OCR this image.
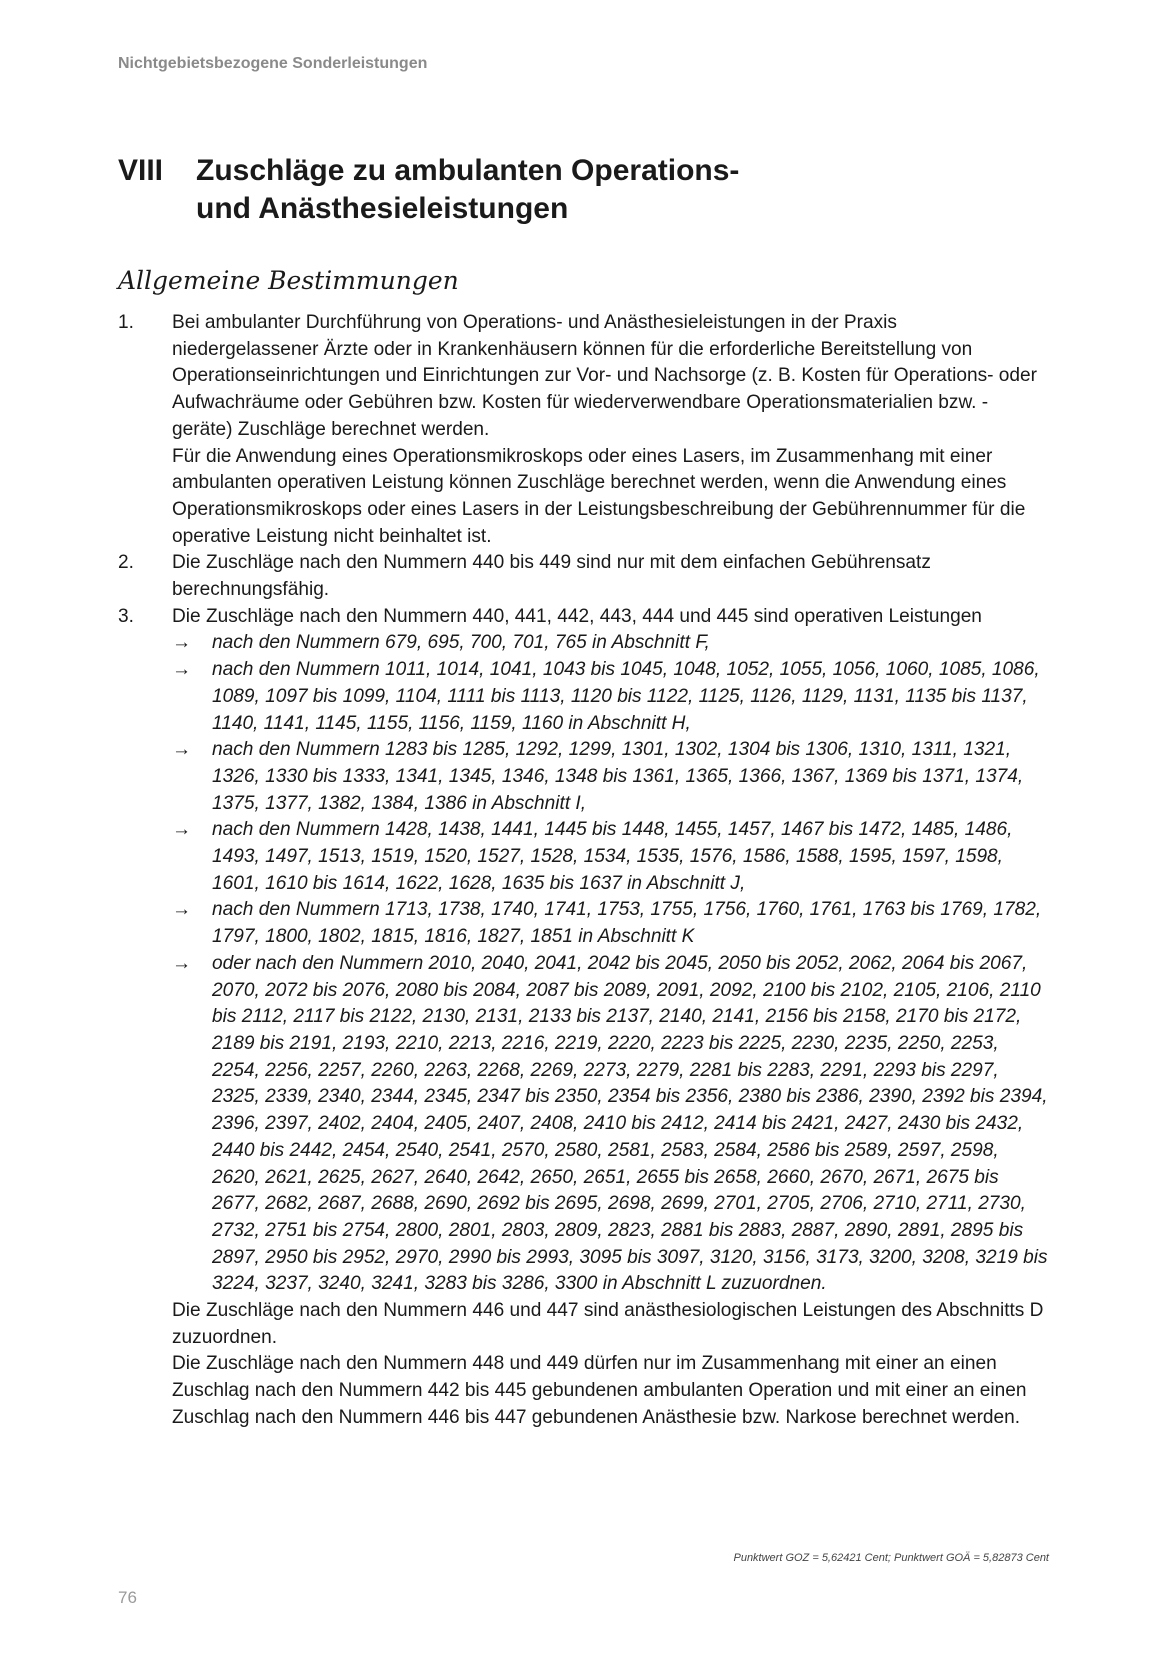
Nichtgebietsbezogene Sonderleistungen
VIII	Zuschläge zu ambulanten Operations-
und Anästhesieleistungen
Allgemeine Bestimmungen
1.	Bei ambulanter Durchführung von Operations- und Anästhesieleistungen in der Praxis niedergelassener Ärzte oder in Krankenhäusern können für die erforderliche Bereitstellung von Operationseinrichtungen und Einrichtungen zur Vor- und Nachsorge (z. B. Kosten für Operations- oder Aufwachräume oder Gebühren bzw. Kosten für wiederverwendbare Operationsmaterialien bzw. -geräte) Zuschläge berechnet werden.

Für die Anwendung eines Operationsmikroskops oder eines Lasers, im Zusammenhang mit einer ambulanten operativen Leistung können Zuschläge berechnet werden, wenn die Anwendung eines Operationsmikroskops oder eines Lasers in der Leistungsbeschreibung der Gebührennummer für die operative Leistung nicht beinhaltet ist.

2.	Die Zuschläge nach den Nummern 440 bis 449 sind nur mit dem einfachen Gebührensatz berechnungsfähig.

3.	Die Zuschläge nach den Nummern 440, 441, 442, 443, 444 und 445 sind operativen Leistungen

→	nach den Nummern 679, 695, 700, 701, 765 in Abschnitt F,
→	nach den Nummern 1011, 1014, 1041, 1043 bis 1045, 1048, 1052, 1055, 1056, 1060, 1085, 1086, 1089, 1097 bis 1099, 1104, 1111 bis 1113, 1120 bis 1122, 1125, 1126, 1129, 1131, 1135 bis 1137, 1140, 1141, 1145, 1155, 1156, 1159, 1160 in Abschnitt H,
→	nach den Nummern 1283 bis 1285, 1292, 1299, 1301, 1302, 1304 bis 1306, 1310, 1311, 1321, 1326, 1330 bis 1333, 1341, 1345, 1346, 1348 bis 1361, 1365, 1366, 1367, 1369 bis 1371, 1374, 1375, 1377, 1382, 1384, 1386 in Abschnitt I,
→	nach den Nummern 1428, 1438, 1441, 1445 bis 1448, 1455, 1457, 1467 bis 1472, 1485, 1486, 1493, 1497, 1513, 1519, 1520, 1527, 1528, 1534, 1535, 1576, 1586, 1588, 1595, 1597, 1598, 1601, 1610 bis 1614, 1622, 1628, 1635 bis 1637 in Abschnitt J,
→	nach den Nummern 1713, 1738, 1740, 1741, 1753, 1755, 1756, 1760, 1761, 1763 bis 1769, 1782, 1797, 1800, 1802, 1815, 1816, 1827, 1851 in Abschnitt K
→	oder nach den Nummern 2010, 2040, 2041, 2042 bis 2045, 2050 bis 2052, 2062, 2064 bis 2067, 2070, 2072 bis 2076, 2080 bis 2084, 2087 bis 2089, 2091, 2092, 2100 bis 2102, 2105, 2106, 2110 bis 2112, 2117 bis 2122, 2130, 2131, 2133 bis 2137, 2140, 2141, 2156 bis 2158, 2170 bis 2172, 2189 bis 2191, 2193, 2210, 2213, 2216, 2219, 2220, 2223 bis 2225, 2230, 2235, 2250, 2253, 2254, 2256, 2257, 2260, 2263, 2268, 2269, 2273, 2279, 2281 bis 2283, 2291, 2293 bis 2297, 2325, 2339, 2340, 2344, 2345, 2347 bis 2350, 2354 bis 2356, 2380 bis 2386, 2390, 2392 bis 2394, 2396, 2397, 2402, 2404, 2405, 2407, 2408, 2410 bis 2412, 2414 bis 2421, 2427, 2430 bis 2432, 2440 bis 2442, 2454, 2540, 2541, 2570, 2580, 2581, 2583, 2584, 2586 bis 2589, 2597, 2598, 2620, 2621, 2625, 2627, 2640, 2642, 2650, 2651, 2655 bis 2658, 2660, 2670, 2671, 2675 bis 2677, 2682, 2687, 2688, 2690, 2692 bis 2695, 2698, 2699, 2701, 2705, 2706, 2710, 2711, 2730, 2732, 2751 bis 2754, 2800, 2801, 2803, 2809, 2823, 2881 bis 2883, 2887, 2890, 2891, 2895 bis 2897, 2950 bis 2952, 2970, 2990 bis 2993, 3095 bis 3097, 3120, 3156, 3173, 3200, 3208, 3219 bis 3224, 3237, 3240, 3241, 3283 bis 3286, 3300 in Abschnitt L zuzuordnen.

Die Zuschläge nach den Nummern 446 und 447 sind anästhesiologischen Leistungen des Abschnitts D zuzuordnen.

Die Zuschläge nach den Nummern 448 und 449 dürfen nur im Zusammenhang mit einer an einen Zuschlag nach den Nummern 442 bis 445 gebundenen ambulanten Operation und mit einer an einen Zuschlag nach den Nummern 446 bis 447 gebundenen Anästhesie bzw. Narkose berechnet werden.

Punktwert GOZ = 5,62421 Cent; Punktwert GOÄ = 5,82873 Cent
76
